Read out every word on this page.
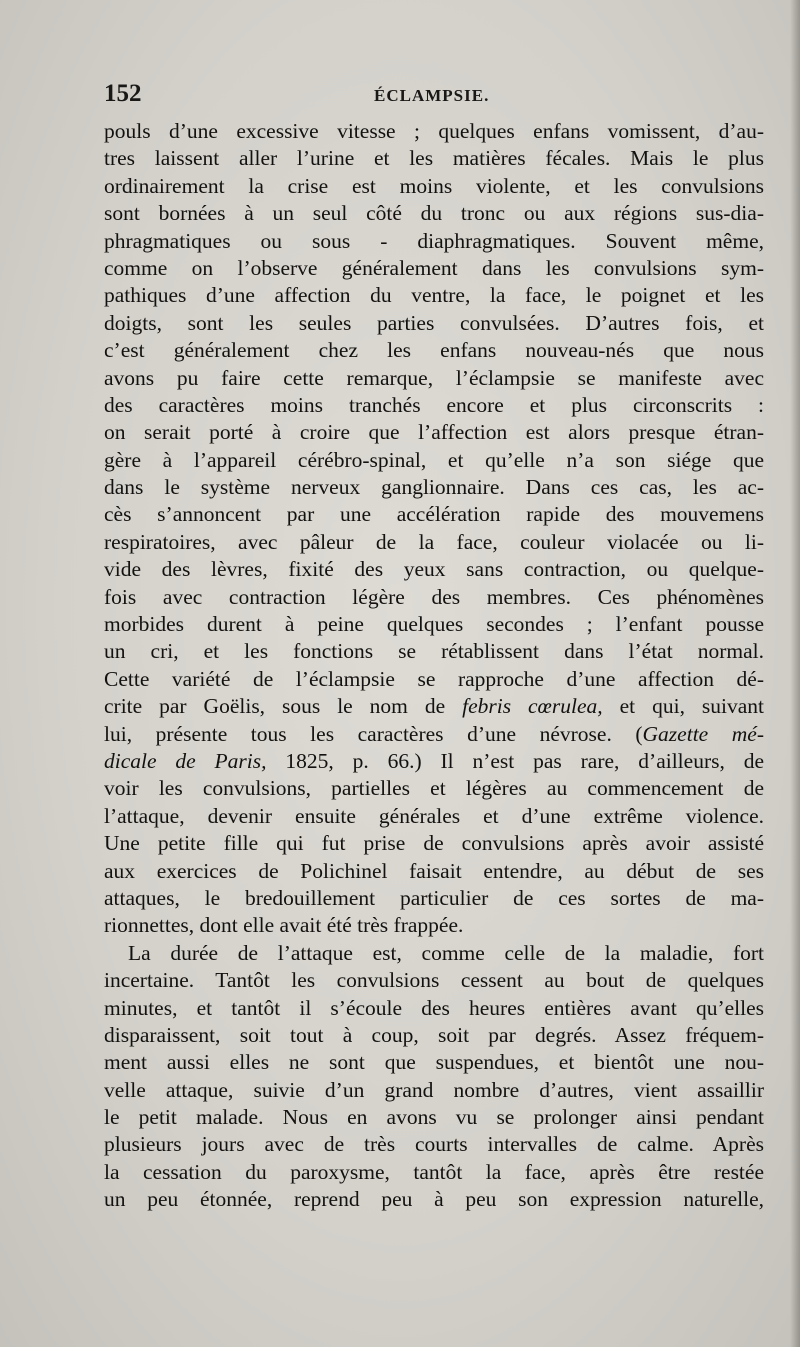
152	ÉCLAMPSIE.
pouls d’une excessive vitesse ; quelques enfans vomissent, d’au-
tres laissent aller l’urine et les matières fécales. Mais le plus
ordinairement la crise est moins violente, et les convulsions
sont bornées à un seul côté du tronc ou aux régions sus-dia-
phragmatiques ou sous - diaphragmatiques. Souvent même,
comme on l’observe généralement dans les convulsions sym-
pathiques d’une affection du ventre, la face, le poignet et les
doigts, sont les seules parties convulsées. D’autres fois, et
c’est généralement chez les enfans nouveau-nés que nous
avons pu faire cette remarque, l’éclampsie se manifeste avec
des caractères moins tranchés encore et plus circonscrits :
on serait porté à croire que l’affection est alors presque étran-
gère à l’appareil cérébro-spinal, et qu’elle n’a son siége que
dans le système nerveux ganglionnaire. Dans ces cas, les ac-
cès s’annoncent par une accélération rapide des mouvemens
respiratoires, avec pâleur de la face, couleur violacée ou li-
vide des lèvres, fixité des yeux sans contraction, ou quelque-
fois avec contraction légère des membres. Ces phénomènes
morbides durent à peine quelques secondes ; l’enfant pousse
un cri, et les fonctions se rétablissent dans l’état normal.
Cette variété de l’éclampsie se rapproche d’une affection dé-
crite par Goëlis, sous le nom de febris cœrulea, et qui, suivant
lui, présente tous les caractères d’une névrose. (Gazette mé-
dicale de Paris, 1825, p. 66.) Il n’est pas rare, d’ailleurs, de
voir les convulsions, partielles et légères au commencement de
l’attaque, devenir ensuite générales et d’une extrême violence.
Une petite fille qui fut prise de convulsions après avoir assisté
aux exercices de Polichinel faisait entendre, au début de ses
attaques, le bredouillement particulier de ces sortes de ma-
rionnettes, dont elle avait été très frappée.
La durée de l’attaque est, comme celle de la maladie, fort
incertaine. Tantôt les convulsions cessent au bout de quelques
minutes, et tantôt il s’écoule des heures entières avant qu’elles
disparaissent, soit tout à coup, soit par degrés. Assez fréquem-
ment aussi elles ne sont que suspendues, et bientôt une nou-
velle attaque, suivie d’un grand nombre d’autres, vient assaillir
le petit malade. Nous en avons vu se prolonger ainsi pendant
plusieurs jours avec de très courts intervalles de calme. Après
la cessation du paroxysme, tantôt la face, après être restée
un peu étonnée, reprend peu à peu son expression naturelle,
